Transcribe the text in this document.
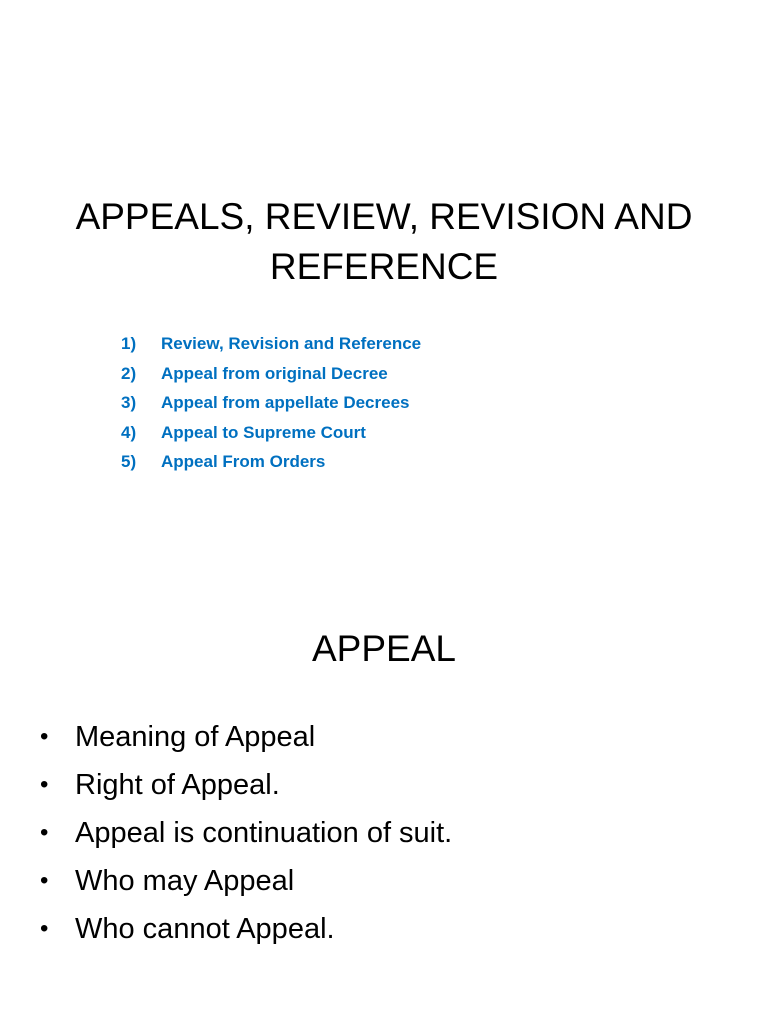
APPEALS, REVIEW, REVISION AND
REFERENCE
1) Review, Revision and Reference
2) Appeal from original Decree
3) Appeal from appellate Decrees
4) Appeal to Supreme Court
5) Appeal From Orders
APPEAL
• Meaning of Appeal
• Right of Appeal.
• Appeal is continuation of suit.
• Who may Appeal
• Who cannot Appeal.
